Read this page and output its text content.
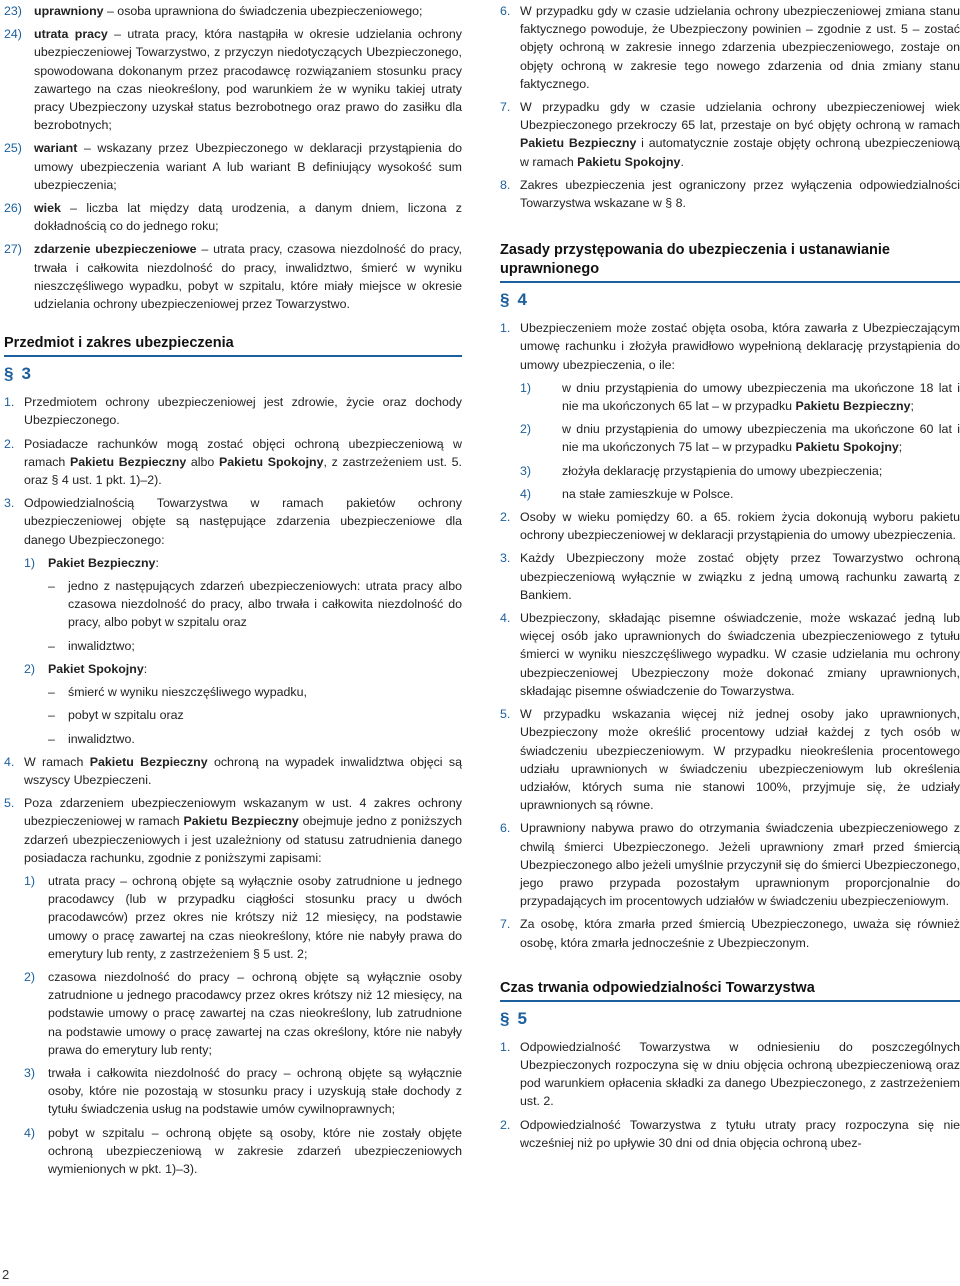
23) uprawniony – osoba uprawniona do świadczenia ubezpieczeniowego;
24) utrata pracy – utrata pracy, która nastąpiła w okresie udzielania ochrony ubezpieczeniowej Towarzystwo, z przyczyn niedotyczących Ubezpieczonego, spowodowana dokonanym przez pracodawcę rozwiązaniem stosunku pracy zawartego na czas nieokreślony, pod warunkiem że w wyniku takiej utraty pracy Ubezpieczony uzyskał status bezrobotnego oraz prawo do zasiłku dla bezrobotnych;
25) wariant – wskazany przez Ubezpieczonego w deklaracji przystąpienia do umowy ubezpieczenia wariant A lub wariant B definiujący wysokość sum ubezpieczenia;
26) wiek – liczba lat między datą urodzenia, a danym dniem, liczona z dokładnością co do jednego roku;
27) zdarzenie ubezpieczeniowe – utrata pracy, czasowa niezdolność do pracy, trwała i całkowita niezdolność do pracy, inwalidztwo, śmierć w wyniku nieszczęśliwego wypadku, pobyt w szpitalu, które miały miejsce w okresie udzielania ochrony ubezpieczeniowej przez Towarzystwo.
Przedmiot i zakres ubezpieczenia
§ 3
1. Przedmiotem ochrony ubezpieczeniowej jest zdrowie, życie oraz dochody Ubezpieczonego.
2. Posiadacze rachunków mogą zostać objęci ochroną ubezpieczeniową w ramach Pakietu Bezpieczny albo Pakietu Spokojny, z zastrzeżeniem ust. 5. oraz § 4 ust. 1 pkt. 1)–2).
3. Odpowiedzialnością Towarzystwa w ramach pakietów ochrony ubezpieczeniowej objęte są następujące zdarzenia ubezpieczeniowe dla danego Ubezpieczonego:
1) Pakiet Bezpieczny:
– jedno z następujących zdarzeń ubezpieczeniowych: utrata pracy albo czasowa niezdolność do pracy, albo trwała i całkowita niezdolność do pracy, albo pobyt w szpitalu oraz
– inwalidztwo;
2) Pakiet Spokojny:
– śmierć w wyniku nieszczęśliwego wypadku,
– pobyt w szpitalu oraz
– inwalidztwo.
4. W ramach Pakietu Bezpieczny ochroną na wypadek inwalidztwa objęci są wszyscy Ubezpieczeni.
5. Poza zdarzeniem ubezpieczeniowym wskazanym w ust. 4 zakres ochrony ubezpieczeniowej w ramach Pakietu Bezpieczny obejmuje jedno z poniższych zdarzeń ubezpieczeniowych i jest uzależniony od statusu zatrudnienia danego posiadacza rachunku, zgodnie z poniższymi zapisami:
1) utrata pracy – ochroną objęte są wyłącznie osoby zatrudnione u jednego pracodawcy (lub w przypadku ciągłości stosunku pracy u dwóch pracodawców) przez okres nie krótszy niż 12 miesięcy, na podstawie umowy o pracę zawartej na czas nieokreślony, które nie nabyły prawa do emerytury lub renty, z zastrzeżeniem § 5 ust. 2;
2) czasowa niezdolność do pracy – ochroną objęte są wyłącznie osoby zatrudnione u jednego pracodawcy przez okres krótszy niż 12 miesięcy, na podstawie umowy o pracę zawartej na czas nieokreślony, lub zatrudnione na podstawie umowy o pracę zawartej na czas określony, które nie nabyły prawa do emerytury lub renty;
3) trwała i całkowita niezdolność do pracy – ochroną objęte są wyłącznie osoby, które nie pozostają w stosunku pracy i uzyskują stałe dochody z tytułu świadczenia usług na podstawie umów cywilnoprawnych;
4) pobyt w szpitalu – ochroną objęte są osoby, które nie zostały objęte ochroną ubezpieczeniową w zakresie zdarzeń ubezpieczeniowych wymienionych w pkt. 1)–3).
6. W przypadku gdy w czasie udzielania ochrony ubezpieczeniowej zmiana stanu faktycznego powoduje, że Ubezpieczony powinien – zgodnie z ust. 5 – zostać objęty ochroną w zakresie innego zdarzenia ubezpieczeniowego, zostaje on objęty ochroną w zakresie tego nowego zdarzenia od dnia zmiany stanu faktycznego.
7. W przypadku gdy w czasie udzielania ochrony ubezpieczeniowej wiek Ubezpieczonego przekroczy 65 lat, przestaje on być objęty ochroną w ramach Pakietu Bezpieczny i automatycznie zostaje objęty ochroną ubezpieczeniową w ramach Pakietu Spokojny.
8. Zakres ubezpieczenia jest ograniczony przez wyłączenia odpowiedzialności Towarzystwa wskazane w § 8.
Zasady przystępowania do ubezpieczenia i ustanawianie uprawnionego
§ 4
1. Ubezpieczeniem może zostać objęta osoba, która zawarła z Ubezpieczającym umowę rachunku i złożyła prawidłowo wypełnioną deklarację przystąpienia do umowy ubezpieczenia, o ile:
1) w dniu przystąpienia do umowy ubezpieczenia ma ukończone 18 lat i nie ma ukończonych 65 lat – w przypadku Pakietu Bezpieczny;
2) w dniu przystąpienia do umowy ubezpieczenia ma ukończone 60 lat i nie ma ukończonych 75 lat – w przypadku Pakietu Spokojny;
3) złożyła deklarację przystąpienia do umowy ubezpieczenia;
4) na stałe zamieszkuje w Polsce.
2. Osoby w wieku pomiędzy 60. a 65. rokiem życia dokonują wyboru pakietu ochrony ubezpieczeniowej w deklaracji przystąpienia do umowy ubezpieczenia.
3. Każdy Ubezpieczony może zostać objęty przez Towarzystwo ochroną ubezpieczeniową wyłącznie w związku z jedną umową rachunku zawartą z Bankiem.
4. Ubezpieczony, składając pisemne oświadczenie, może wskazać jedną lub więcej osób jako uprawnionych do świadczenia ubezpieczeniowego z tytułu śmierci w wyniku nieszczęśliwego wypadku. W czasie udzielania mu ochrony ubezpieczeniowej Ubezpieczony może dokonać zmiany uprawnionych, składając pisemne oświadczenie do Towarzystwa.
5. W przypadku wskazania więcej niż jednej osoby jako uprawnionych, Ubezpieczony może określić procentowy udział każdej z tych osób w świadczeniu ubezpieczeniowym. W przypadku nieokreślenia procentowego udziału uprawnionych w świadczeniu ubezpieczeniowym lub określenia udziałów, których suma nie stanowi 100%, przyjmuje się, że udziały uprawnionych są równe.
6. Uprawniony nabywa prawo do otrzymania świadczenia ubezpieczeniowego z chwilą śmierci Ubezpieczonego. Jeżeli uprawniony zmarł przed śmiercią Ubezpieczonego albo jeżeli umyślnie przyczynił się do śmierci Ubezpieczonego, jego prawo przypada pozostałym uprawnionym proporcjonalnie do przypadających im procentowych udziałów w świadczeniu ubezpieczeniowym.
7. Za osobę, która zmarła przed śmiercią Ubezpieczonego, uważa się również osobę, która zmarła jednocześnie z Ubezpieczonym.
Czas trwania odpowiedzialności Towarzystwa
§ 5
1. Odpowiedzialność Towarzystwa w odniesieniu do poszczególnych Ubezpieczonych rozpoczyna się w dniu objęcia ochroną ubezpieczeniową oraz pod warunkiem opłacenia składki za danego Ubezpieczonego, z zastrzeżeniem ust. 2.
2. Odpowiedzialność Towarzystwa z tytułu utraty pracy rozpoczyna się nie wcześniej niż po upływie 30 dni od dnia objęcia ochroną ubez-
2
